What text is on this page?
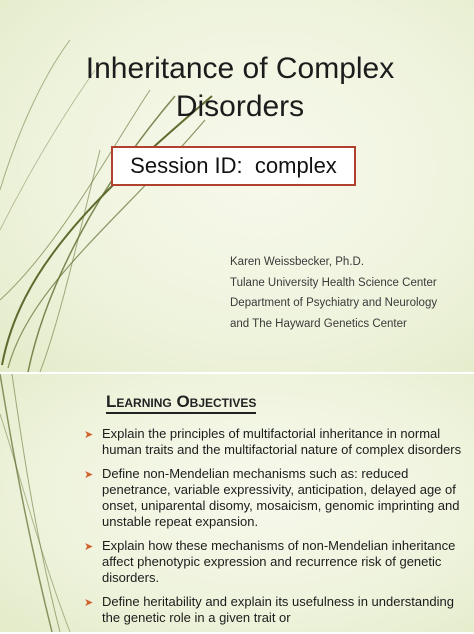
Inheritance of Complex Disorders
Session ID:  complex
Karen Weissbecker, Ph.D.
Tulane University Health Science Center
Department of Psychiatry and Neurology
and The Hayward Genetics Center
Learning Objectives
➤ Explain the principles of multifactorial inheritance in normal human traits and the multifactorial nature of complex disorders
➤ Define non-Mendelian mechanisms such as: reduced penetrance, variable expressivity, anticipation, delayed age of onset, uniparental disomy, mosaicism, genomic imprinting and unstable repeat expansion.
➤ Explain how these mechanisms of non-Mendelian inheritance affect phenotypic expression and recurrence risk of genetic disorders.
➤ Define heritability and explain its usefulness in understanding the genetic role in a given trait or
